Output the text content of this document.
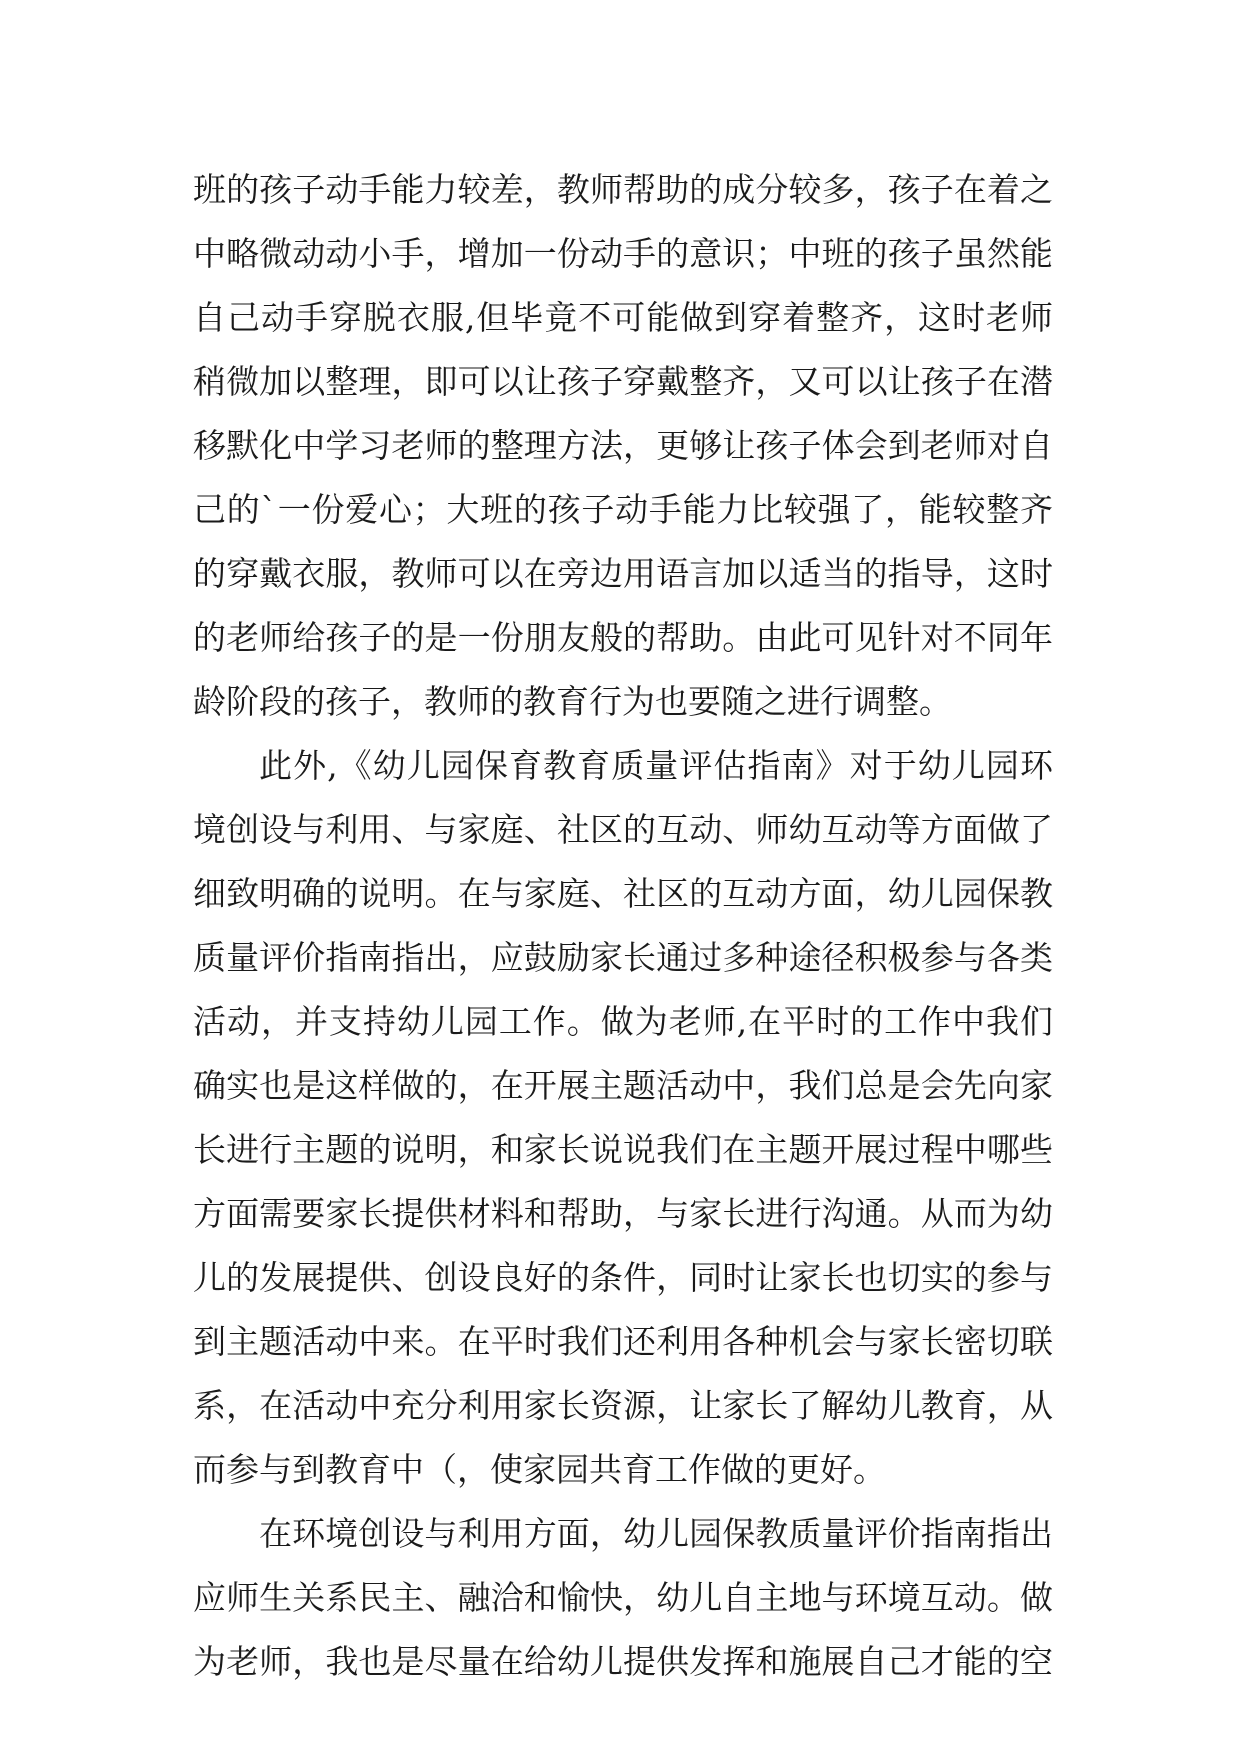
班的孩子动手能力较差，教师帮助的成分较多，孩子在着之
中略微动动小手，增加一份动手的意识；中班的孩子虽然能
自己动手穿脱衣服,但毕竟不可能做到穿着整齐，这时老师
稍微加以整理，即可以让孩子穿戴整齐，又可以让孩子在潜
移默化中学习老师的整理方法，更够让孩子体会到老师对自
己的`一份爱心；大班的孩子动手能力比较强了，能较整齐
的穿戴衣服，教师可以在旁边用语言加以适当的指导，这时
的老师给孩子的是一份朋友般的帮助。由此可见针对不同年
龄阶段的孩子，教师的教育行为也要随之进行调整。
此外,《幼儿园保育教育质量评估指南》对于幼儿园环
境创设与利用、与家庭、社区的互动、师幼互动等方面做了
细致明确的说明。在与家庭、社区的互动方面，幼儿园保教
质量评价指南指出，应鼓励家长通过多种途径积极参与各类
活动，并支持幼儿园工作。做为老师,在平时的工作中我们
确实也是这样做的，在开展主题活动中，我们总是会先向家
长进行主题的说明，和家长说说我们在主题开展过程中哪些
方面需要家长提供材料和帮助，与家长进行沟通。从而为幼
儿的发展提供、创设良好的条件，同时让家长也切实的参与
到主题活动中来。在平时我们还利用各种机会与家长密切联
系，在活动中充分利用家长资源，让家长了解幼儿教育，从
而参与到教育中（，使家园共育工作做的更好。
在环境创设与利用方面，幼儿园保教质量评价指南指出
应师生关系民主、融洽和愉快，幼儿自主地与环境互动。做
为老师，我也是尽量在给幼儿提供发挥和施展自己才能的空
